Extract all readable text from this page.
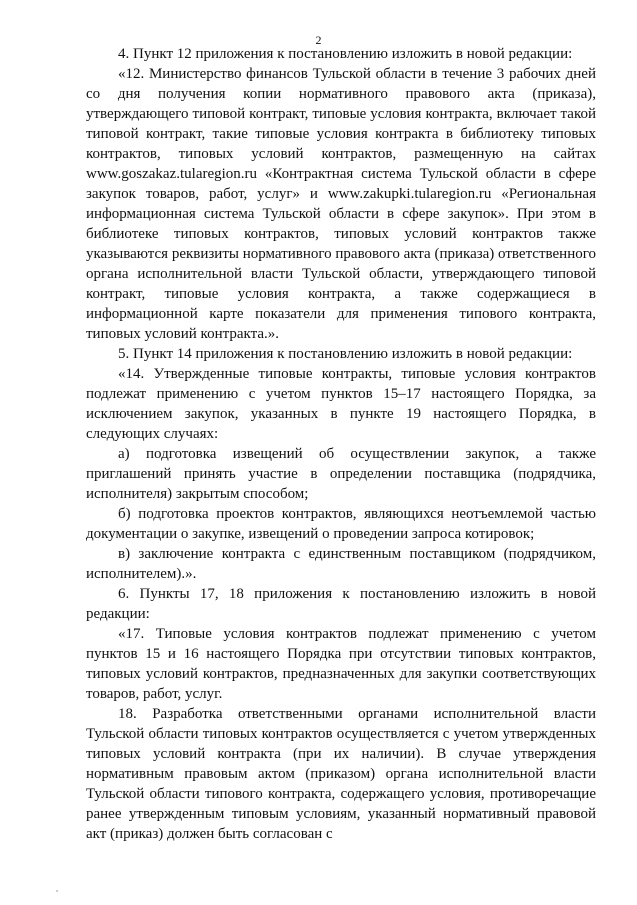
2

4. Пункт 12 приложения к постановлению изложить в новой редакции:

«12. Министерство финансов Тульской области в течение 3 рабочих дней со дня получения копии нормативного правового акта (приказа), утверждающего типовой контракт, типовые условия контракта, включает такой типовой контракт, такие типовые условия контракта в библиотеку типовых контрактов, типовых условий контрактов, размещенную на сайтах www.goszakaz.tularegion.ru «Контрактная система Тульской области в сфере закупок товаров, работ, услуг» и www.zakupki.tularegion.ru «Региональная информационная система Тульской области в сфере закупок». При этом в библиотеке типовых контрактов, типовых условий контрактов также указываются реквизиты нормативного правового акта (приказа) ответственного органа исполнительной власти Тульской области, утверждающего типовой контракт, типовые условия контракта, а также содержащиеся в информационной карте показатели для применения типового контракта, типовых условий контракта.».

5. Пункт 14 приложения к постановлению изложить в новой редакции:

«14. Утвержденные типовые контракты, типовые условия контрактов подлежат применению с учетом пунктов 15–17 настоящего Порядка, за исключением закупок, указанных в пункте 19 настоящего Порядка, в следующих случаях:

а) подготовка извещений об осуществлении закупок, а также приглашений принять участие в определении поставщика (подрядчика, исполнителя) закрытым способом;

б) подготовка проектов контрактов, являющихся неотъемлемой частью документации о закупке, извещений о проведении запроса котировок;

в) заключение контракта с единственным поставщиком (подрядчиком, исполнителем).».

6. Пункты 17, 18 приложения к постановлению изложить в новой редакции:

«17. Типовые условия контрактов подлежат применению с учетом пунктов 15 и 16 настоящего Порядка при отсутствии типовых контрактов, типовых условий контрактов, предназначенных для закупки соответствующих товаров, работ, услуг.

18. Разработка ответственными органами исполнительной власти Тульской области типовых контрактов осуществляется с учетом утвержденных типовых условий контракта (при их наличии). В случае утверждения нормативным правовым актом (приказом) органа исполнительной власти Тульской области типового контракта, содержащего условия, противоречащие ранее утвержденным типовым условиям, указанный нормативный правовой акт (приказ) должен быть согласован с
